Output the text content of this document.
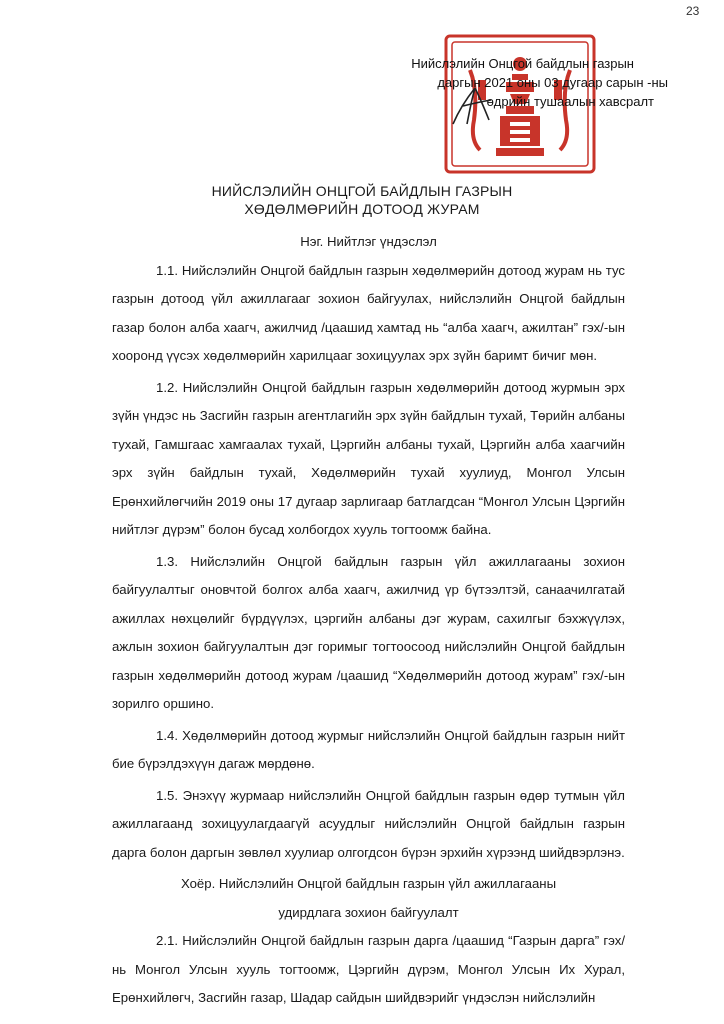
23
Нийслэлийн Онцгой байдлын газрын
даргын 2021 оны 03 дугаар сарын -ны
өдрийн тушаалын хавсралт
НИЙСЛЭЛИЙН ОНЦГОЙ БАЙДЛЫН ГАЗРЫН
ХӨДӨЛМӨРИЙН ДОТООД ЖУРАМ
Нэг. Нийтлэг үндэслэл

1.1. Нийслэлийн Онцгой байдлын газрын хөдөлмөрийн дотоод журам нь тус газрын дотоод үйл ажиллагааг зохион байгуулах, нийслэлийн Онцгой байдлын газар болон алба хаагч, ажилчид /цаашид хамтад нь “алба хаагч, ажилтан” гэх/-ын хооронд үүсэх хөдөлмөрийн харилцааг зохицуулах эрх зүйн баримт бичиг мөн.

1.2. Нийслэлийн Онцгой байдлын газрын хөдөлмөрийн дотоод журмын эрх зүйн үндэс нь Засгийн газрын агентлагийн эрх зүйн байдлын тухай, Төрийн албаны тухай, Гамшгаас хамгаалах тухай, Цэргийн албаны тухай, Цэргийн алба хаагчийн эрх зүйн байдлын тухай, Хөдөлмөрийн тухай хуулиуд, Монгол Улсын Ерөнхийлөгчийн 2019 оны 17 дугаар зарлигаар батлагдсан “Монгол Улсын Цэргийн нийтлэг дүрэм” болон бусад холбогдох хууль тогтоомж байна.

1.3. Нийслэлийн Онцгой байдлын газрын үйл ажиллагааны зохион байгуулалтыг оновчтой болгох алба хаагч, ажилчид үр бүтээлтэй, санаачилгатай ажиллах нөхцөлийг бүрдүүлэх, цэргийн албаны дэг журам, сахилгыг бэхжүүлэх, ажлын зохион байгуулалтын дэг горимыг тогтоосоод нийслэлийн Онцгой байдлын газрын хөдөлмөрийн дотоод журам /цаашид “Хөдөлмөрийн дотоод журам” гэх/-ын зорилго оршино.

1.4. Хөдөлмөрийн дотоод журмыг нийслэлийн Онцгой байдлын газрын нийт бие бүрэлдэхүүн дагаж мөрдөнө.

1.5. Энэхүү журмаар нийслэлийн Онцгой байдлын газрын өдөр тутмын үйл ажиллагаанд зохицуулагдаагүй асуудлыг нийслэлийн Онцгой байдлын газрын дарга болон даргын зөвлөл хуулиар олгогдсон бүрэн эрхийн хүрээнд шийдвэрлэнэ.

Хоёр. Нийслэлийн Онцгой байдлын газрын үйл ажиллагааны
удирдлага зохион байгуулалт

2.1. Нийслэлийн Онцгой байдлын газрын дарга /цаашид “Газрын дарга” гэх/ нь Монгол Улсын хууль тогтоомж, Цэргийн дүрэм, Монгол Улсын Их Хурал, Ерөнхийлөгч, Засгийн газар, Шадар сайдын шийдвэрийг үндэслэн нийслэлийн
